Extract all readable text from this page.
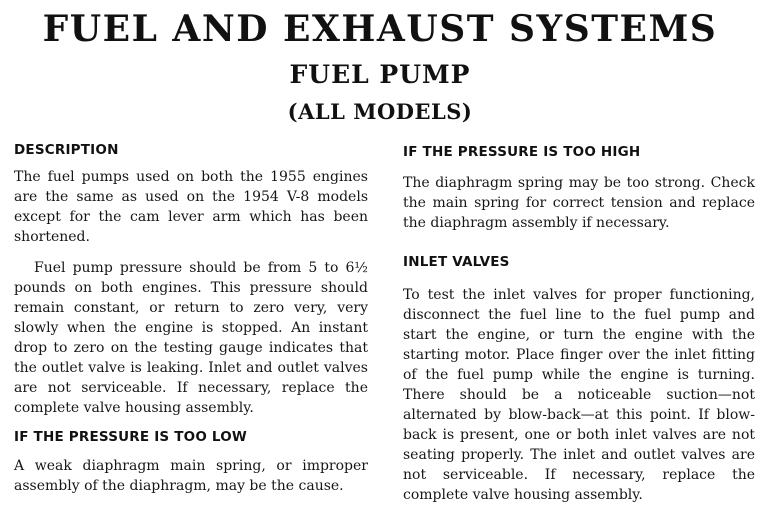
FUEL AND EXHAUST SYSTEMS
FUEL PUMP
(ALL MODELS)
DESCRIPTION

The fuel pumps used on both the 1955 engines are the same as used on the 1954 V-8 models except for the cam lever arm which has been shortened.

Fuel pump pressure should be from 5 to 6½ pounds on both engines. This pressure should remain constant, or return to zero very, very slowly when the engine is stopped. An instant drop to zero on the testing gauge indicates that the outlet valve is leaking. Inlet and outlet valves are not serviceable. If necessary, replace the complete valve housing assembly.

IF THE PRESSURE IS TOO LOW

A weak diaphragm main spring, or improper assembly of the diaphragm, may be the cause.

IF THE PRESSURE IS TOO HIGH

The diaphragm spring may be too strong. Check the main spring for correct tension and replace the diaphragm assembly if necessary.

INLET VALVES

To test the inlet valves for proper functioning, disconnect the fuel line to the fuel pump and start the engine, or turn the engine with the starting motor. Place finger over the inlet fitting of the fuel pump while the engine is turning. There should be a noticeable suction—not alternated by blow-back—at this point. If blow-back is present, one or both inlet valves are not seating properly. The inlet and outlet valves are not serviceable. If necessary, replace the complete valve housing assembly.
